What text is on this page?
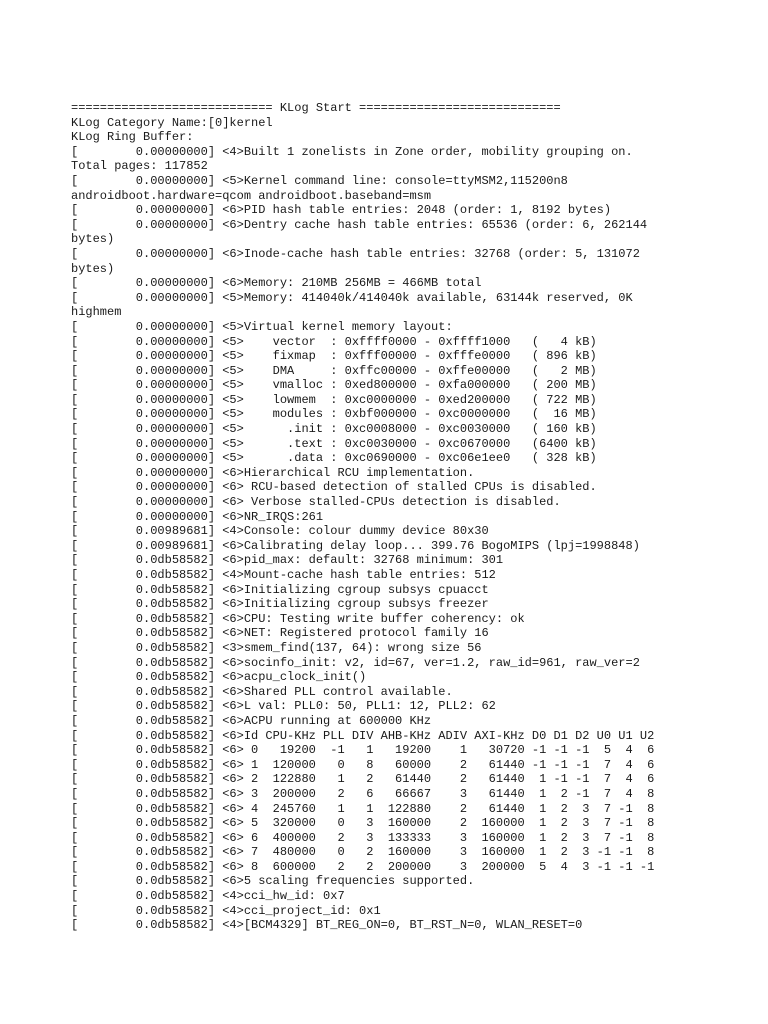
============================ KLog Start ============================
KLog Category Name:[0]kernel
KLog Ring Buffer:
[        0.00000000] <4>Built 1 zonelists in Zone order, mobility grouping on.
Total pages: 117852
[        0.00000000] <5>Kernel command line: console=ttyMSM2,115200n8
androidboot.hardware=qcom androidboot.baseband=msm
[        0.00000000] <6>PID hash table entries: 2048 (order: 1, 8192 bytes)
[        0.00000000] <6>Dentry cache hash table entries: 65536 (order: 6, 262144
bytes)
[        0.00000000] <6>Inode-cache hash table entries: 32768 (order: 5, 131072
bytes)
[        0.00000000] <6>Memory: 210MB 256MB = 466MB total
[        0.00000000] <5>Memory: 414040k/414040k available, 63144k reserved, 0K
highmem
[        0.00000000] <5>Virtual kernel memory layout:
[        0.00000000] <5>    vector  : 0xffff0000 - 0xffff1000   (   4 kB)
[        0.00000000] <5>    fixmap  : 0xfff00000 - 0xfffe0000   ( 896 kB)
[        0.00000000] <5>    DMA     : 0xffc00000 - 0xffe00000   (   2 MB)
[        0.00000000] <5>    vmalloc : 0xed800000 - 0xfa000000   ( 200 MB)
[        0.00000000] <5>    lowmem  : 0xc0000000 - 0xed200000   ( 722 MB)
[        0.00000000] <5>    modules : 0xbf000000 - 0xc0000000   (  16 MB)
[        0.00000000] <5>      .init : 0xc0008000 - 0xc0030000   ( 160 kB)
[        0.00000000] <5>      .text : 0xc0030000 - 0xc0670000   (6400 kB)
[        0.00000000] <5>      .data : 0xc0690000 - 0xc06e1ee0   ( 328 kB)
[        0.00000000] <6>Hierarchical RCU implementation.
[        0.00000000] <6> RCU-based detection of stalled CPUs is disabled.
[        0.00000000] <6> Verbose stalled-CPUs detection is disabled.
[        0.00000000] <6>NR_IRQS:261
[        0.00989681] <4>Console: colour dummy device 80x30
[        0.00989681] <6>Calibrating delay loop... 399.76 BogoMIPS (lpj=1998848)
[        0.0db58582] <6>pid_max: default: 32768 minimum: 301
[        0.0db58582] <4>Mount-cache hash table entries: 512
[        0.0db58582] <6>Initializing cgroup subsys cpuacct
[        0.0db58582] <6>Initializing cgroup subsys freezer
[        0.0db58582] <6>CPU: Testing write buffer coherency: ok
[        0.0db58582] <6>NET: Registered protocol family 16
[        0.0db58582] <3>smem_find(137, 64): wrong size 56
[        0.0db58582] <6>socinfo_init: v2, id=67, ver=1.2, raw_id=961, raw_ver=2
[        0.0db58582] <6>acpu_clock_init()
[        0.0db58582] <6>Shared PLL control available.
[        0.0db58582] <6>L val: PLL0: 50, PLL1: 12, PLL2: 62
[        0.0db58582] <6>ACPU running at 600000 KHz
[        0.0db58582] <6>Id CPU-KHz PLL DIV AHB-KHz ADIV AXI-KHz D0 D1 D2 U0 U1 U2
[        0.0db58582] <6> 0   19200  -1   1   19200    1   30720 -1 -1 -1  5  4  6
[        0.0db58582] <6> 1  120000   0   8   60000    2   61440 -1 -1 -1  7  4  6
[        0.0db58582] <6> 2  122880   1   2   61440    2   61440  1 -1 -1  7  4  6
[        0.0db58582] <6> 3  200000   2   6   66667    3   61440  1  2 -1  7  4  8
[        0.0db58582] <6> 4  245760   1   1  122880    2   61440  1  2  3  7 -1  8
[        0.0db58582] <6> 5  320000   0   3  160000    2  160000  1  2  3  7 -1  8
[        0.0db58582] <6> 6  400000   2   3  133333    3  160000  1  2  3  7 -1  8
[        0.0db58582] <6> 7  480000   0   2  160000    3  160000  1  2  3 -1 -1  8
[        0.0db58582] <6> 8  600000   2   2  200000    3  200000  5  4  3 -1 -1 -1
[        0.0db58582] <6>5 scaling frequencies supported.
[        0.0db58582] <4>cci_hw_id: 0x7
[        0.0db58582] <4>cci_project_id: 0x1
[        0.0db58582] <4>[BCM4329] BT_REG_ON=0, BT_RST_N=0, WLAN_RESET=0
